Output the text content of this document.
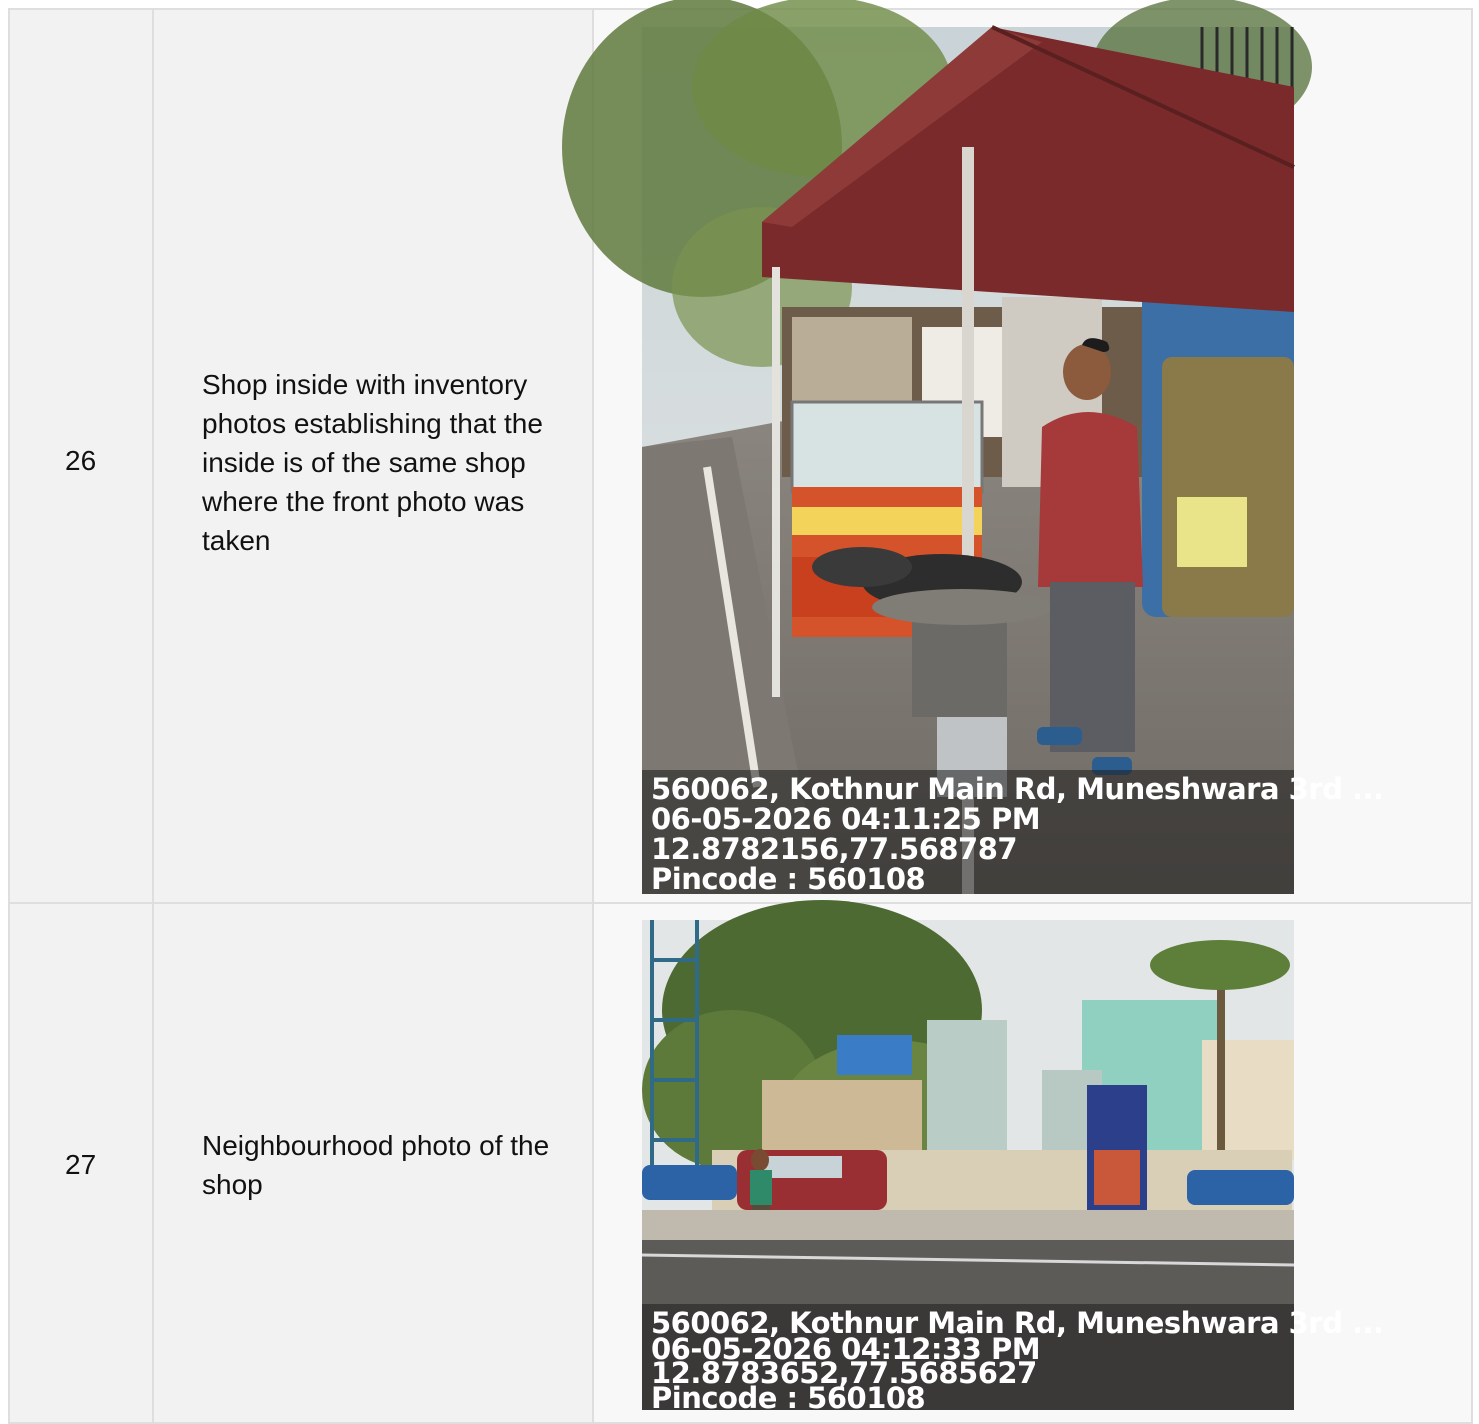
26
Shop inside with inventory photos establishing that the inside is of the same shop where the front photo was taken
560062, Kothnur Main Rd, Muneshwara 3rd ...
06-05-2026 04:11:25 PM
12.8782156,77.568787
Pincode : 560108
27
Neighbourhood photo of the shop
560062, Kothnur Main Rd, Muneshwara 3rd ...
06-05-2026 04:12:33 PM
12.8783652,77.5685627
Pincode : 560108
